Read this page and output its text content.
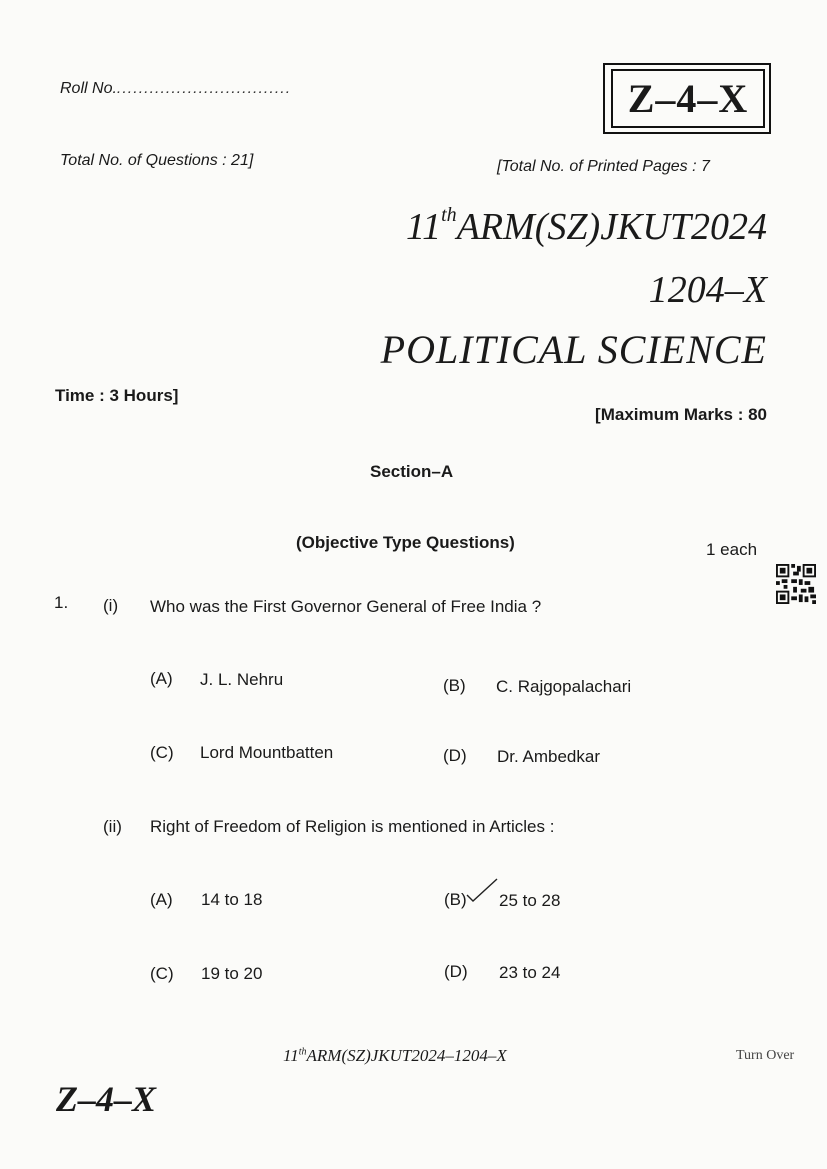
Roll No.................................	Z–4–X
Total No. of Questions : 21]	[Total No. of Printed Pages : 7
11thARM(SZ)JKUT2024
1204–X
POLITICAL SCIENCE
Time : 3 Hours]
[Maximum Marks : 80
Section–A
(Objective Type Questions)	1 each
1. (i) Who was the First Governor General of Free India ?
(A) J. L. Nehru	(B) C. Rajgopalachari
(C) Lord Mountbatten	(D) Dr. Ambedkar
(ii) Right of Freedom of Religion is mentioned in Articles :
(A) 14 to 18	(B) 25 to 28
(C) 19 to 20	(D) 23 to 24
11thARM(SZ)JKUT2024–1204–X	Turn Over
Z–4–X
